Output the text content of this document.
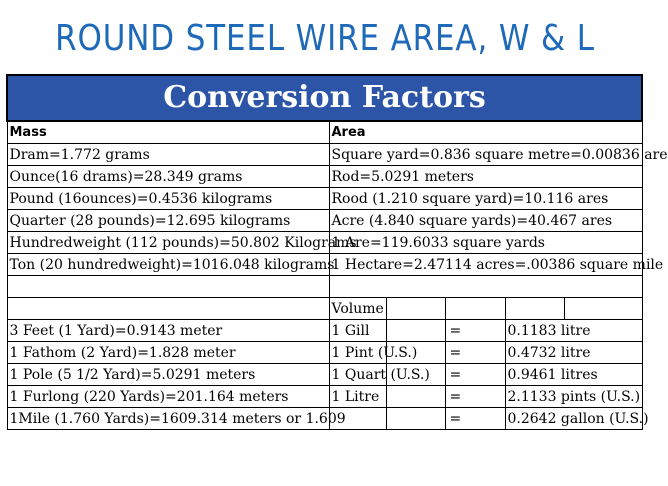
ROUND STEEL WIRE AREA, W & L
Conversion Factors					
Mass	Area				
Dram=1.772 grams	Square yard=0.836 square metre=0.00836 are				
Ounce(16 drams)=28.349 grams	Rod=5.0291 meters				
Pound (16ounces)=0.4536 kilograms	Rood (1.210 square yard)=10.116 ares				
Quarter (28 pounds)=12.695 kilograms	Acre (4.840 square yards)=40.467 ares				
Hundredweight (112 pounds)=50.802 Kilograms	1 Are=119.6033 square yards				
Ton (20 hundredweight)=1016.048 kilograms	1 Hectare=2.47114 acres=.00386 square mile				

	Volume				
3 Feet (1 Yard)=0.9143 meter	1 Gill		=	0.1183 litre	
1 Fathom (2 Yard)=1.828 meter	1 Pint (U.S.)		=	0.4732 litre	
1 Pole (5 1/2 Yard)=5.0291 meters	1 Quart (U.S.)		=	0.9461 litres	
1 Furlong (220 Yards)=201.164 meters	1 Litre		=	2.1133 pints (U.S.)	
1Mile (1.760 Yards)=1609.314 meters or 1.609			=	0.2642 gallon (U.S.)	
